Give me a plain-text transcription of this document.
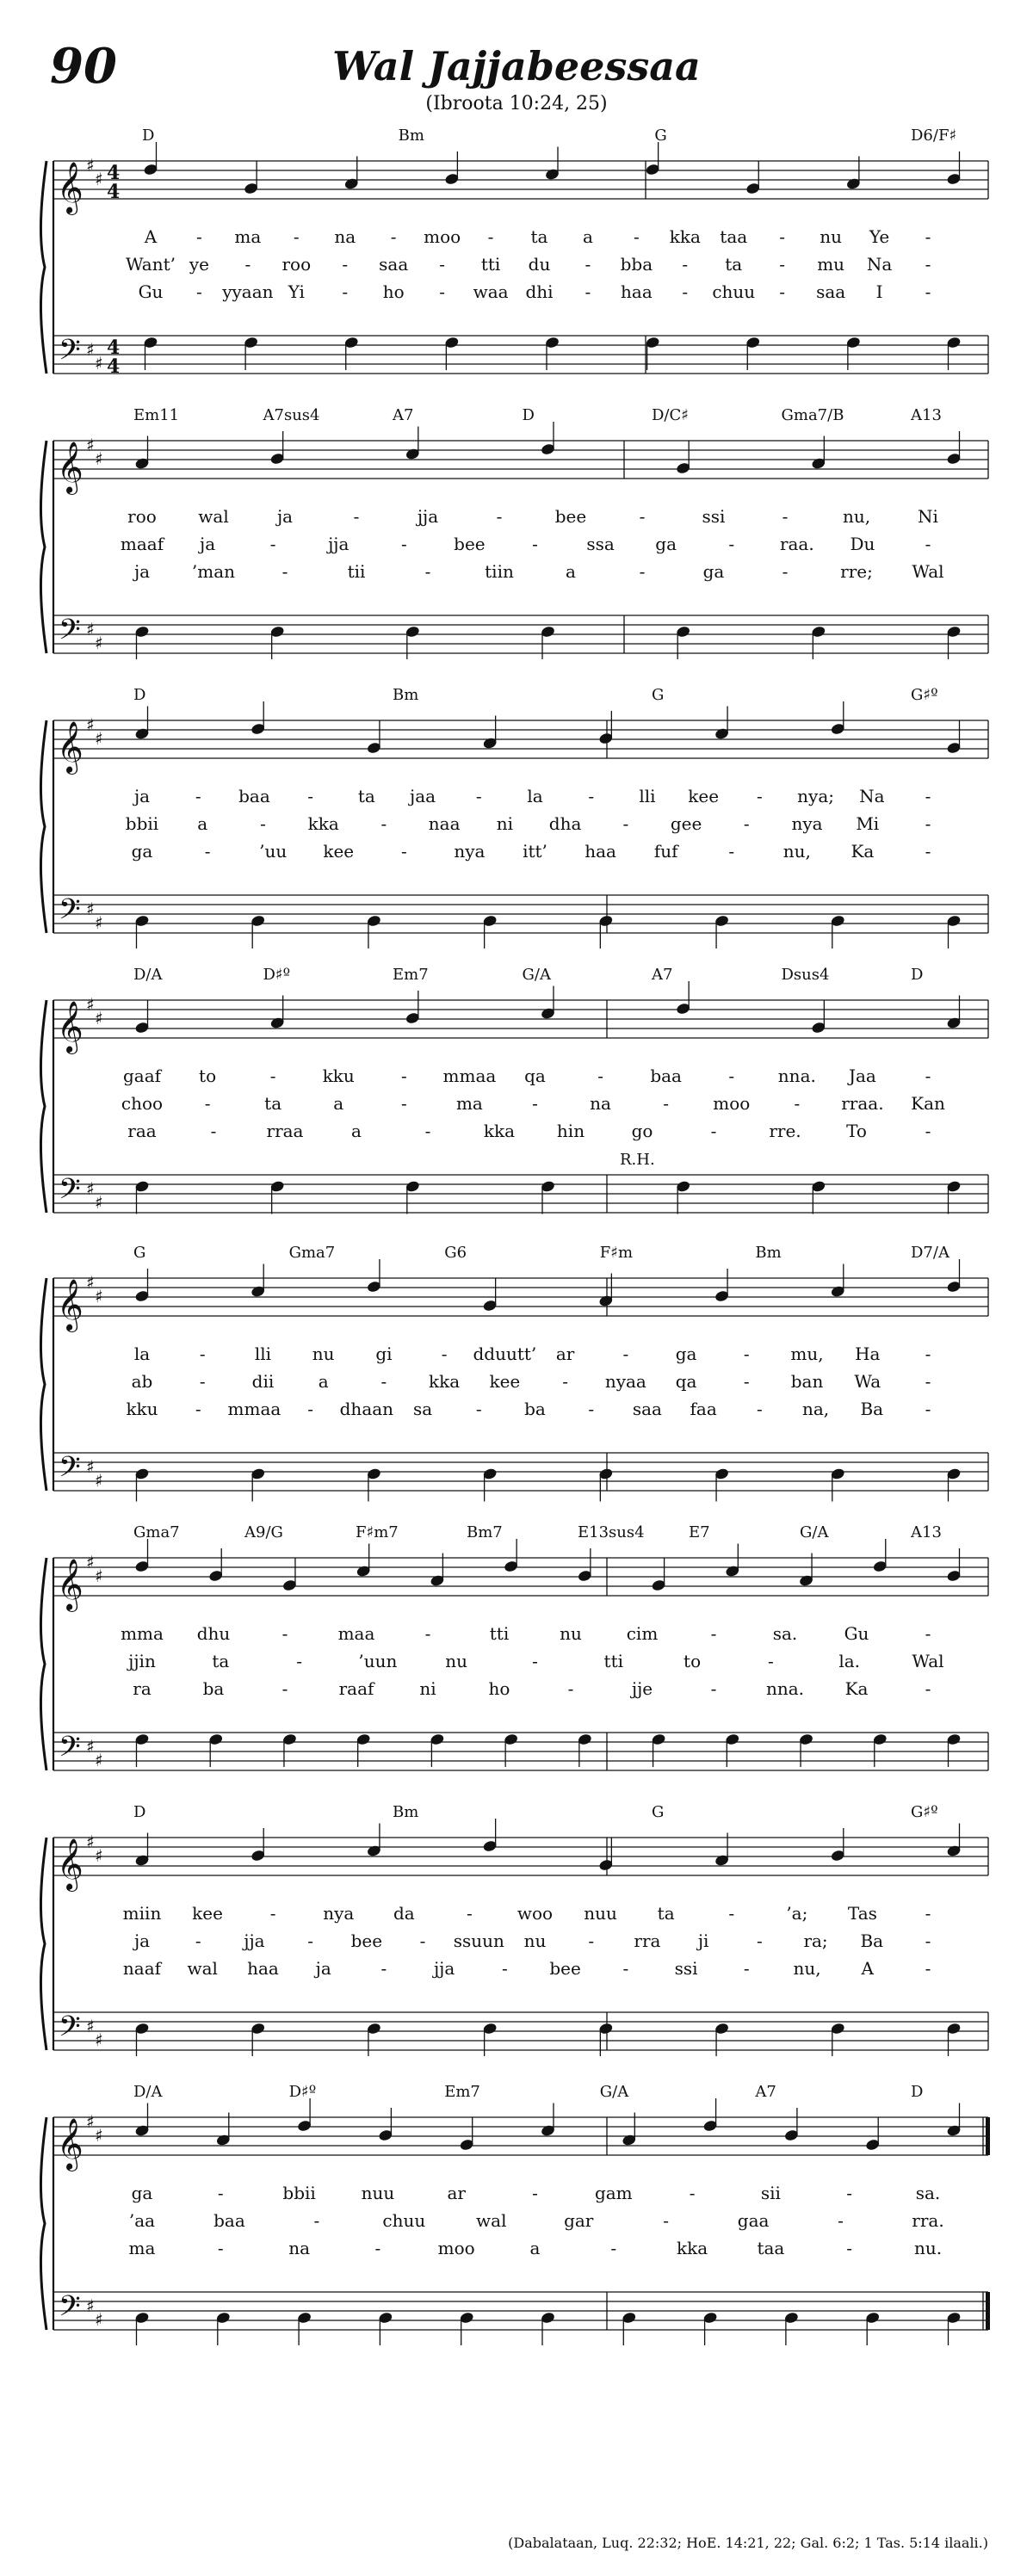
90	Wal Jajjabeessaa
(Ibroota 10:24, 25)
𝄞
𝄢
♯
♯
♯
♯
4
4
4
4
D	Bm	G	D6/F♯
A - ma - na - moo - ta a - kka taa - nu Ye -
Want’ ye - roo - saa - tti du - bba - ta - mu Na -
Gu - yyaan Yi - ho - waa dhi - haa - chuu - saa I -
𝄞
𝄢
♯
♯
♯
♯
Em11	A7sus4	A7	D	D/C♯	Gma7/B	A13
roo wal	ja	-	jja	-	bee	-	ssi	-	nu,	Ni
maaf ja	-	jja	-	bee	-	ssa ga	-	raa. Du	-
ja ’man	-	tii	-	tiin	a	-	ga	-	rre; Wal
𝄞
𝄢
♯
♯
♯
♯
D	Bm	G	G♯º
ja	- baa -	ta jaa -	la	-	lli kee - nya; Na -
bbii a	- kka - naa ni dha - gee - nya Mi	-
ga	-	’uu kee	-	nya itt’ haa fuf	-	nu, Ka	-
𝄞
𝄢
♯
♯
♯
♯
D/A	D♯º	Em7	G/A	A7	Dsus4	D
R.H.
gaaf to	-	kku	- mmaa qa	-	baa	-	nna. Jaa	-
choo -	ta	a	-	ma	-	na	-	moo	- rraa. Kan
raa	-	rraa	a	-	kka hin	go	-	rre.	To	-
𝄞
𝄢
♯
♯
♯
♯
G	Gma7	G6	F♯m	Bm	D7/A
la	-	lli nu gi	- dduutt’ ar	-	ga	- mu, Ha	-
ab	-	dii	a	- kka kee - nyaa qa	- ban Wa	-
kku - mmaa - dhaan sa	- ba - saa faa - na, Ba -
𝄞
𝄢
♯
♯
♯
♯
Gma7	A9/G	F♯m7	Bm7	E13sus4	E7	G/A	A13
mma dhu	-	maa	-	tti	nu	cim	-	sa.	Gu	-
jjin	ta	-	’uun	nu	-	tti	to	-	la.	Wal
ra	ba	-	raaf	ni	ho	-	jje	-	nna. Ka	-
𝄞
𝄢
♯
♯
♯
♯
D	Bm	G	G♯º
miin kee	-	nya da	-	woo nuu ta	-	’a; Tas	-
ja	- jja - bee - ssuun nu - rra ji	- ra; Ba -
naaf wal haa ja	-	jja	- bee -	ssi	-	nu, A	-
𝄞
𝄢
♯
♯
♯
♯
D/A	D♯º	Em7	G/A	A7	D
ga	-	bbii	nuu	ar	-	gam	-	sii	-	sa.
’aa	baa	-	chuu	wal	gar	-	gaa	-	rra.
ma	-	na	-	moo	a	-	kka	taa	-	nu.
(Dabalataan, Luq. 22:32; HoE. 14:21, 22; Gal. 6:2; 1 Tas. 5:14 ilaali.)
